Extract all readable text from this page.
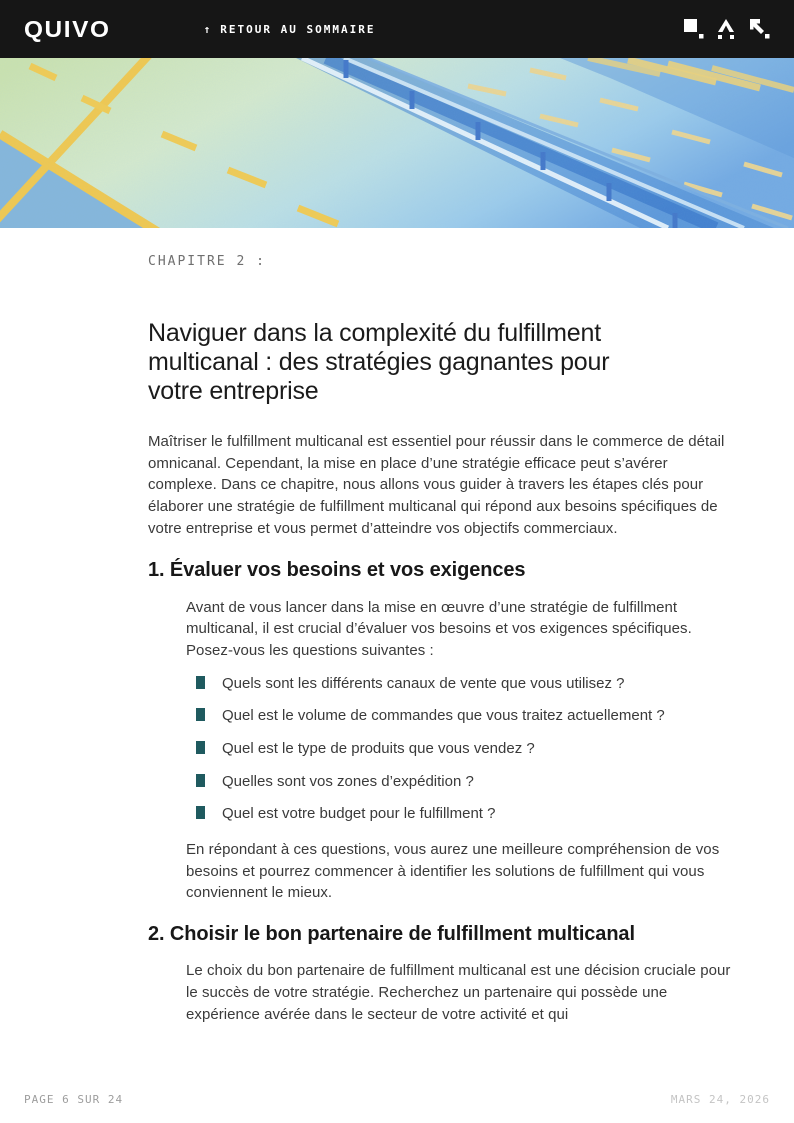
QUIVO	↑ RETOUR AU SOMMAIRE
CHAPITRE 2 :
Naviguer dans la complexité du fulfillment multicanal : des stratégies gagnantes pour votre entreprise

Maîtriser le fulfillment multicanal est essentiel pour réussir dans le commerce de détail omnicanal. Cependant, la mise en place d’une stratégie efficace peut s’avérer complexe. Dans ce chapitre, nous allons vous guider à travers les étapes clés pour élaborer une stratégie de fulfillment multicanal qui répond aux besoins spécifiques de votre entreprise et vous permet d’atteindre vos objectifs commerciaux.

1. Évaluer vos besoins et vos exigences

Avant de vous lancer dans la mise en œuvre d’une stratégie de fulfillment multicanal, il est crucial d’évaluer vos besoins et vos exigences spécifiques. Posez-vous les questions suivantes :

Quels sont les différents canaux de vente que vous utilisez ?
Quel est le volume de commandes que vous traitez actuellement ?
Quel est le type de produits que vous vendez ?
Quelles sont vos zones d’expédition ?
Quel est votre budget pour le fulfillment ?

En répondant à ces questions, vous aurez une meilleure compréhension de vos besoins et pourrez commencer à identifier les solutions de fulfillment qui vous conviennent le mieux.

2. Choisir le bon partenaire de fulfillment multicanal

Le choix du bon partenaire de fulfillment multicanal est une décision cruciale pour le succès de votre stratégie. Recherchez un partenaire qui possède une expérience avérée dans le secteur de votre activité et qui

PAGE 6 SUR 24	MARS 24, 2026
